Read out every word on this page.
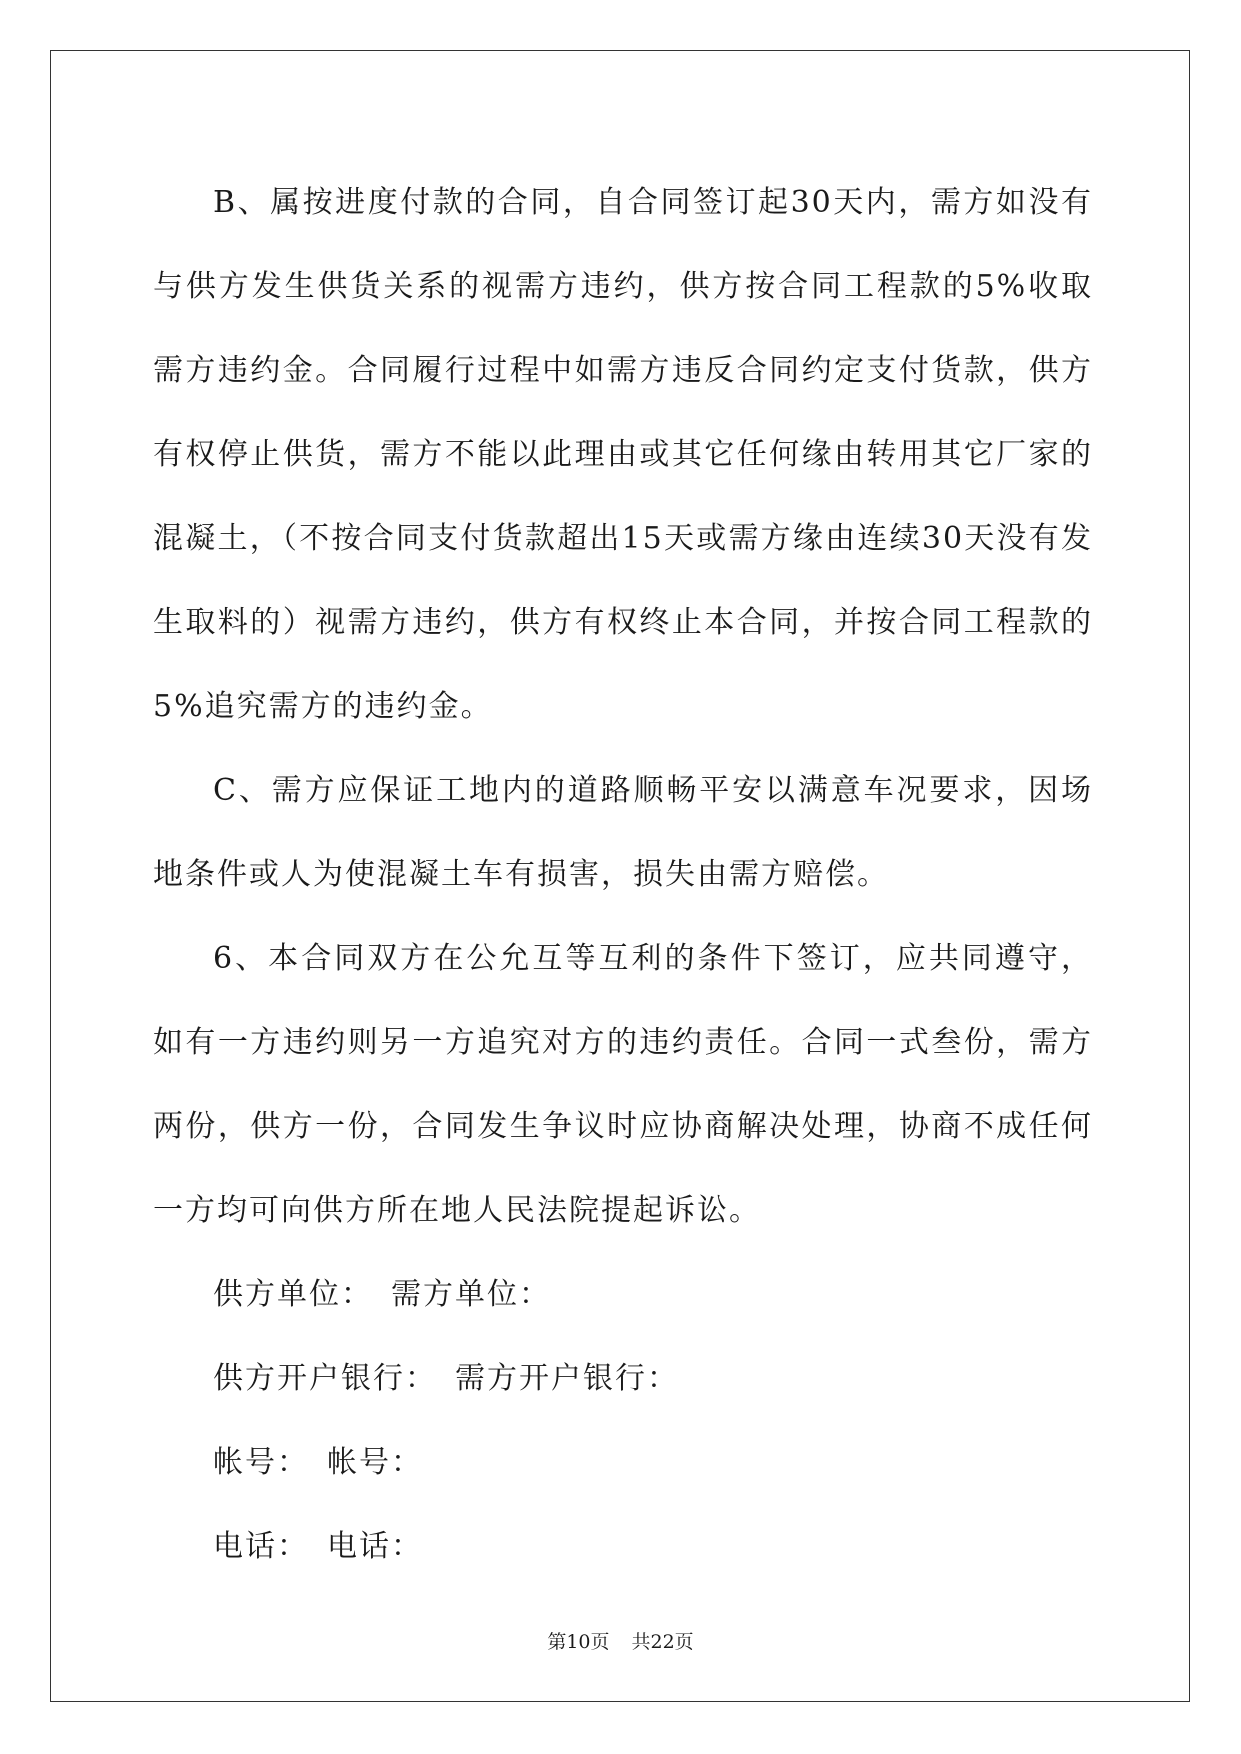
B、属按进度付款的合同，自合同签订起30天内，需方如没有与供方发生供货关系的视需方违约，供方按合同工程款的5%收取需方违约金。合同履行过程中如需方违反合同约定支付货款，供方有权停止供货，需方不能以此理由或其它任何缘由转用其它厂家的混凝土，（不按合同支付货款超出15天或需方缘由连续30天没有发生取料的）视需方违约，供方有权终止本合同，并按合同工程款的5%追究需方的违约金。

C、需方应保证工地内的道路顺畅平安以满意车况要求，因场地条件或人为使混凝土车有损害，损失由需方赔偿。

6、本合同双方在公允互等互利的条件下签订，应共同遵守，如有一方违约则另一方追究对方的违约责任。合同一式叁份，需方两份，供方一份，合同发生争议时应协商解决处理，协商不成任何一方均可向供方所在地人民法院提起诉讼。

供方单位： 需方单位：

供方开户银行： 需方开户银行：

帐号： 帐号：

电话： 电话：

第10页 共22页
